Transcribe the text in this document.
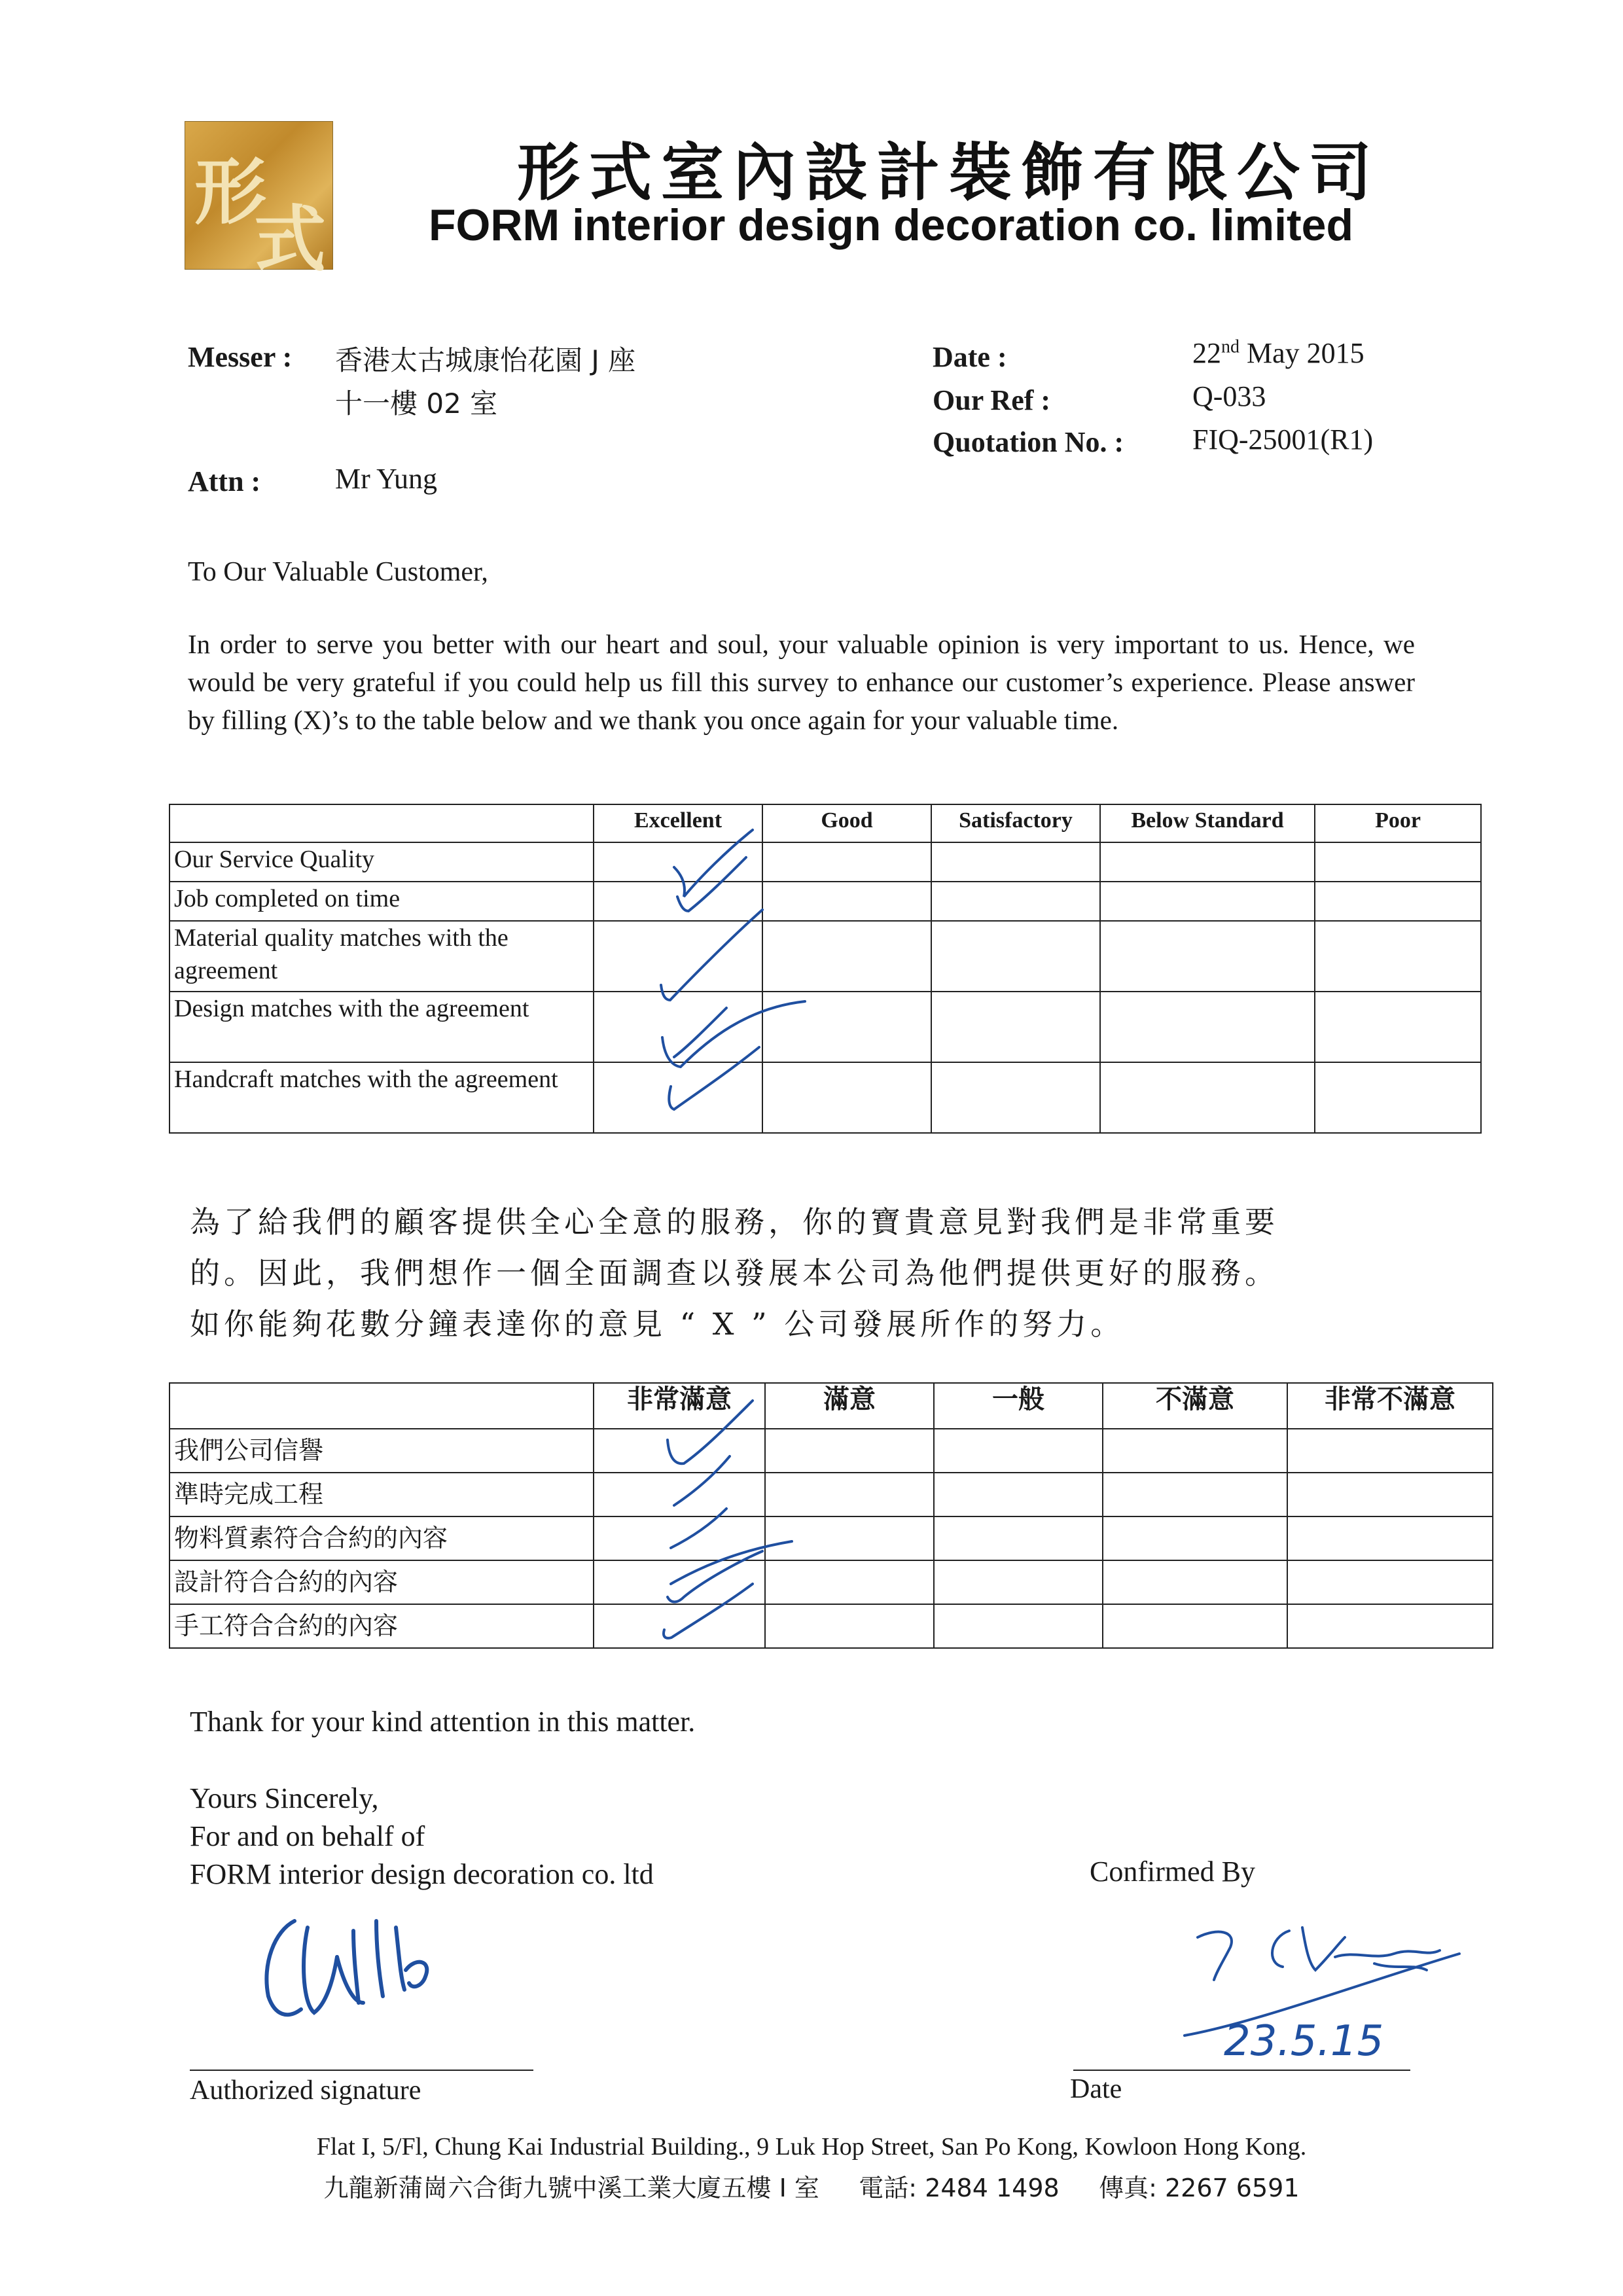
形
式
形式室內設計裝飾有限公司
FORM interior design decoration co. limited
Messer : 香港太古城康怡花園 J 座
十一樓 02 室
Attn :	Mr Yung
Date :	22nd May 2015
Our Ref :	Q-033
Quotation No. : FIQ-25001(R1)
To Our Valuable Customer,
In order to serve you better with our heart and soul, your valuable opinion is very important to us. Hence, we would be very grateful if you could help us fill this survey to enhance our customer’s experience. Please answer by filling (X)’s to the table below and we thank you once again for your valuable time.
	Excellent	Good	Satisfactory	Below Standard	Poor
Our Service Quality					
Job completed on time					
Material quality matches with the agreement					
Design matches with the agreement					
Handcraft matches with the agreement					
為了給我們的顧客提供全心全意的服務，你的寶貴意見對我們是非常重要
的。因此，我們想作一個全面調查以發展本公司為他們提供更好的服務。
如你能夠花數分鐘表達你的意見 “ X ” 公司發展所作的努力。
	非常滿意	滿意	一般	不滿意	非常不滿意
我們公司信譽					
準時完成工程					
物料質素符合合約的內容					
設計符合合約的內容					
手工符合合約的內容					
Thank for your kind attention in this matter.
Yours Sincerely,
For and on behalf of
FORM interior design decoration co. ltd	Confirmed By
23.5.15
Authorized signature	Date
Flat I, 5/Fl, Chung Kai Industrial Building., 9 Luk Hop Street, San Po Kong, Kowloon Hong Kong.
九龍新蒲崗六合街九號中溪工業大廈五樓 I 室 電話: 2484 1498 傳真: 2267 6591
